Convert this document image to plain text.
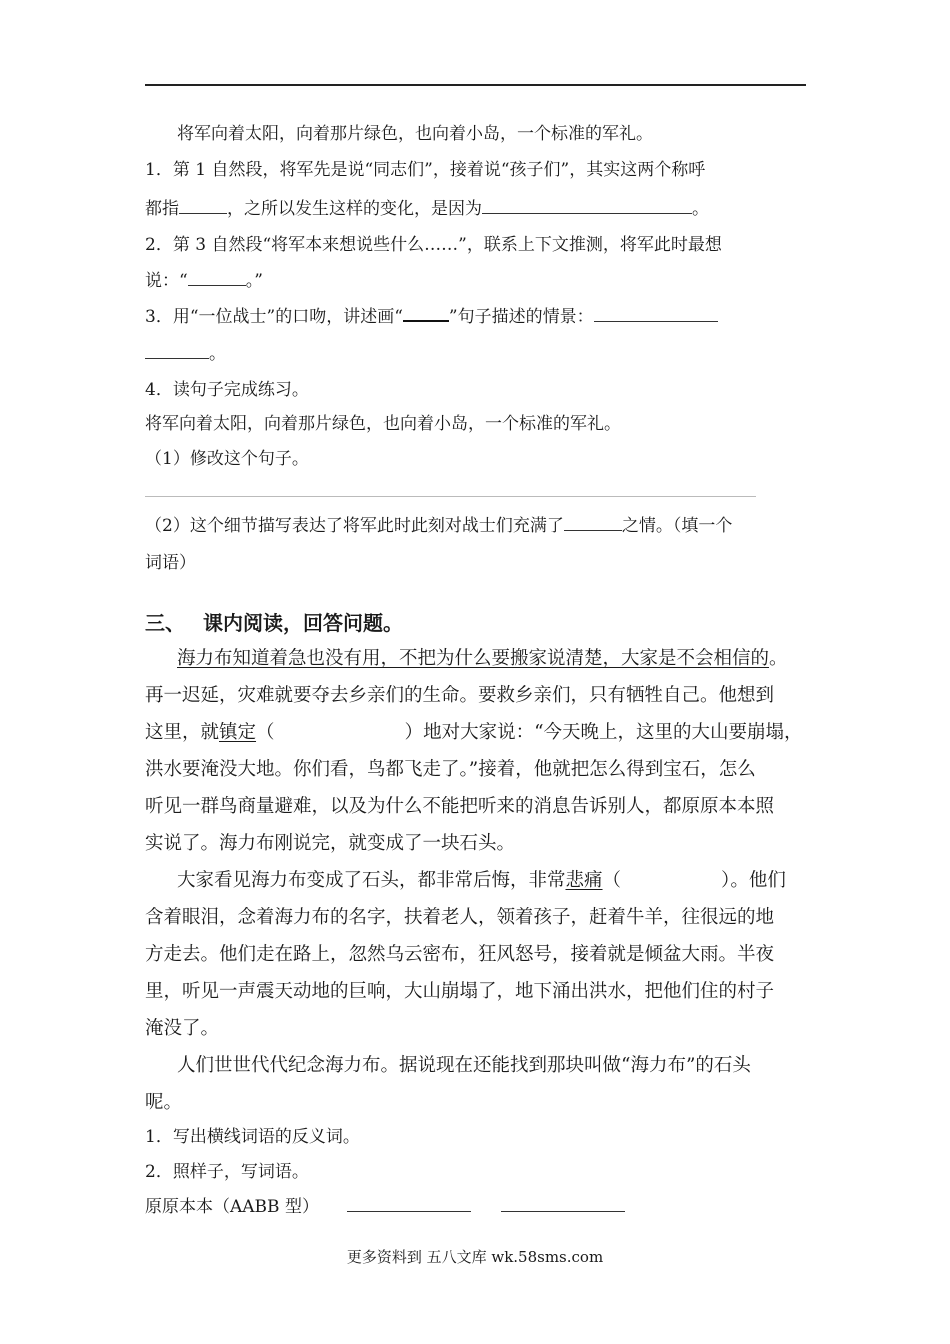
将军向着太阳，向着那片绿色，也向着小岛，一个标准的军礼。
1．第 1 自然段，将军先是说“同志们”，接着说“孩子们”，其实这两个称呼
都指	，之所以发生这样的变化，是因为	。
2．第 3 自然段“将军本来想说些什么……”，联系上下文推测，将军此时最想
说：“	。”
3．用“一位战士”的口吻，讲述画“	”句子描述的情景：
。
4．读句子完成练习。
将军向着太阳，向着那片绿色，也向着小岛，一个标准的军礼。
（1）修改这个句子。
（2）这个细节描写表达了将军此时此刻对战士们充满了	之情。（填一个
词语）
三、 课内阅读，回答问题。
海力布知道着急也没有用，不把为什么要搬家说清楚，大家是不会相信的。
再一迟延，灾难就要夺去乡亲们的生命。要救乡亲们，只有牺牲自己。他想到
这里，就镇定（	）地对大家说：“今天晚上，这里的大山要崩塌，
洪水要淹没大地。你们看，鸟都飞走了。”接着，他就把怎么得到宝石，怎么
听见一群鸟商量避难，以及为什么不能把听来的消息告诉别人，都原原本本照
实说了。海力布刚说完，就变成了一块石头。
大家看见海力布变成了石头，都非常后悔，非常悲痛（	）。他们
含着眼泪，念着海力布的名字，扶着老人，领着孩子，赶着牛羊，往很远的地
方走去。他们走在路上，忽然乌云密布，狂风怒号，接着就是倾盆大雨。半夜
里，听见一声震天动地的巨响，大山崩塌了，地下涌出洪水，把他们住的村子
淹没了。
人们世世代代纪念海力布。据说现在还能找到那块叫做“海力布”的石头
呢。
1．写出横线词语的反义词。
2．照样子，写词语。
原原本本（AABB 型）
更多资料到 五八文库 wk.58sms.com
